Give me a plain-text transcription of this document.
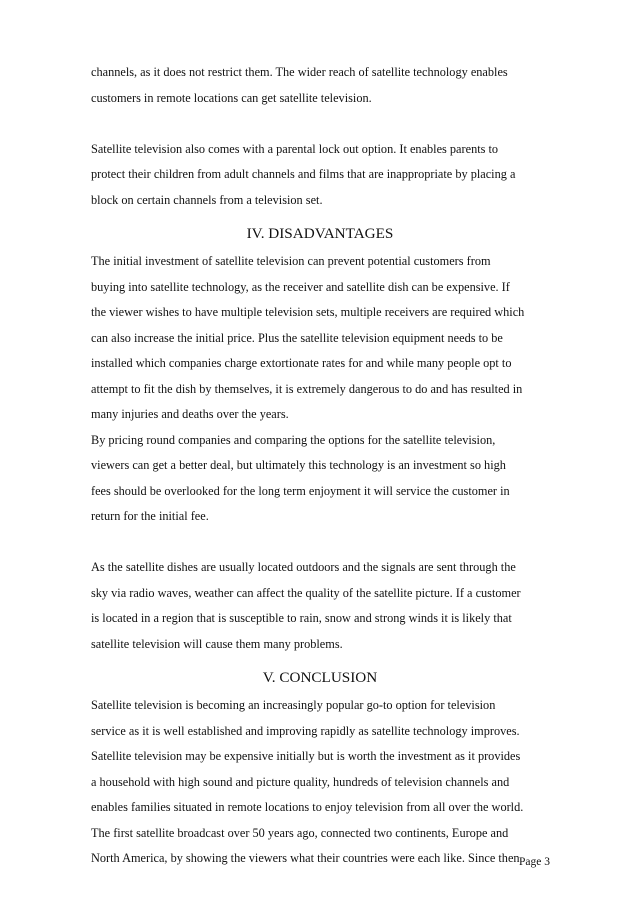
channels, as it does not restrict them. The wider reach of satellite technology enables
customers in remote locations can get satellite television.

Satellite television also comes with a parental lock out option. It enables parents to
protect their children from adult channels and films that are inappropriate by placing a
block on certain channels from a television set.

IV. DISADVANTAGES

The initial investment of satellite television can prevent potential customers from
buying into satellite technology, as the receiver and satellite dish can be expensive. If
the viewer wishes to have multiple television sets, multiple receivers are required which
can also increase the initial price. Plus the satellite television equipment needs to be
installed which companies charge extortionate rates for and while many people opt to
attempt to fit the dish by themselves, it is extremely dangerous to do and has resulted in
many injuries and deaths over the years.

By pricing round companies and comparing the options for the satellite television,
viewers can get a better deal, but ultimately this technology is an investment so high
fees should be overlooked for the long term enjoyment it will service the customer in
return for the initial fee.

As the satellite dishes are usually located outdoors and the signals are sent through the
sky via radio waves, weather can affect the quality of the satellite picture. If a customer
is located in a region that is susceptible to rain, snow and strong winds it is likely that
satellite television will cause them many problems.

V. CONCLUSION

Satellite television is becoming an increasingly popular go-to option for television
service as it is well established and improving rapidly as satellite technology improves.
Satellite television may be expensive initially but is worth the investment as it provides
a household with high sound and picture quality, hundreds of television channels and
enables families situated in remote locations to enjoy television from all over the world.
The first satellite broadcast over 50 years ago, connected two continents, Europe and
North America, by showing the viewers what their countries were each like. Since then Page 3
